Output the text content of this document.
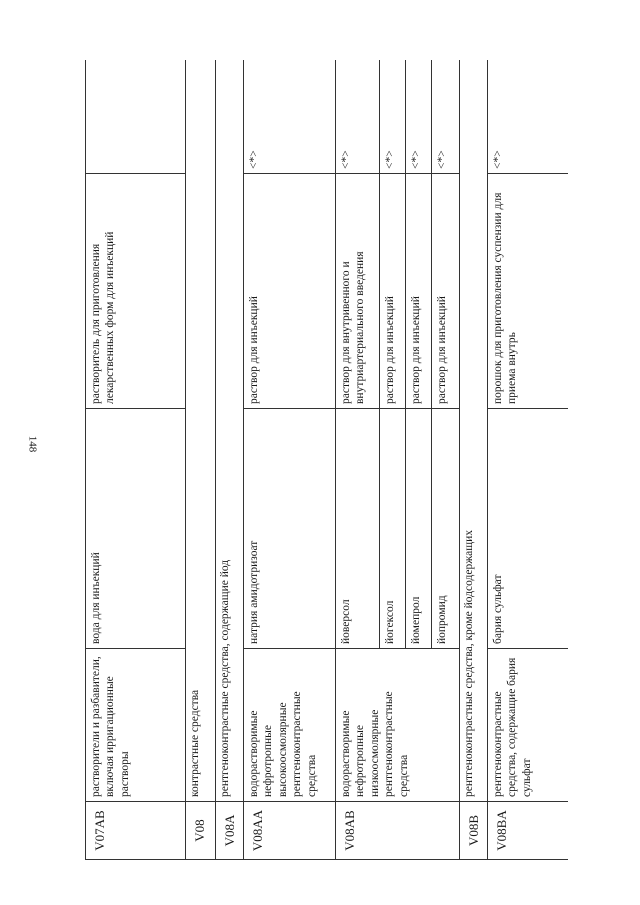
148
V07AB	растворители и разбавители, включая ирригационные растворы	вода для инъекций	растворитель для приготовления лекарственных форм для инъекций	
V08	контрастные средства			
V08A	рентгеноконтрастные средства, содержащие йод			
V08AA	водорастворимые нефротропные высокоосмолярные рентгеноконтрастные средства	натрия амидотризоат	раствор для инъекций	<*>
V08AB	водорастворимые нефротропные низкоосмолярные рентгеноконтрастные средства	йоверсол	раствор для внутривенного и внутриартериального введения	<*>
		йогексол	раствор для инъекций	<*>
		йомепрол	раствор для инъекций	<*>
		йопромид	раствор для инъекций	<*>
V08B	рентгеноконтрастные средства, кроме йодсодержащих			
V08BA	рентгеноконтрастные средства, содержащие бария сульфат	бария сульфат	порошок для приготовления суспензии для приема внутрь	<*>
